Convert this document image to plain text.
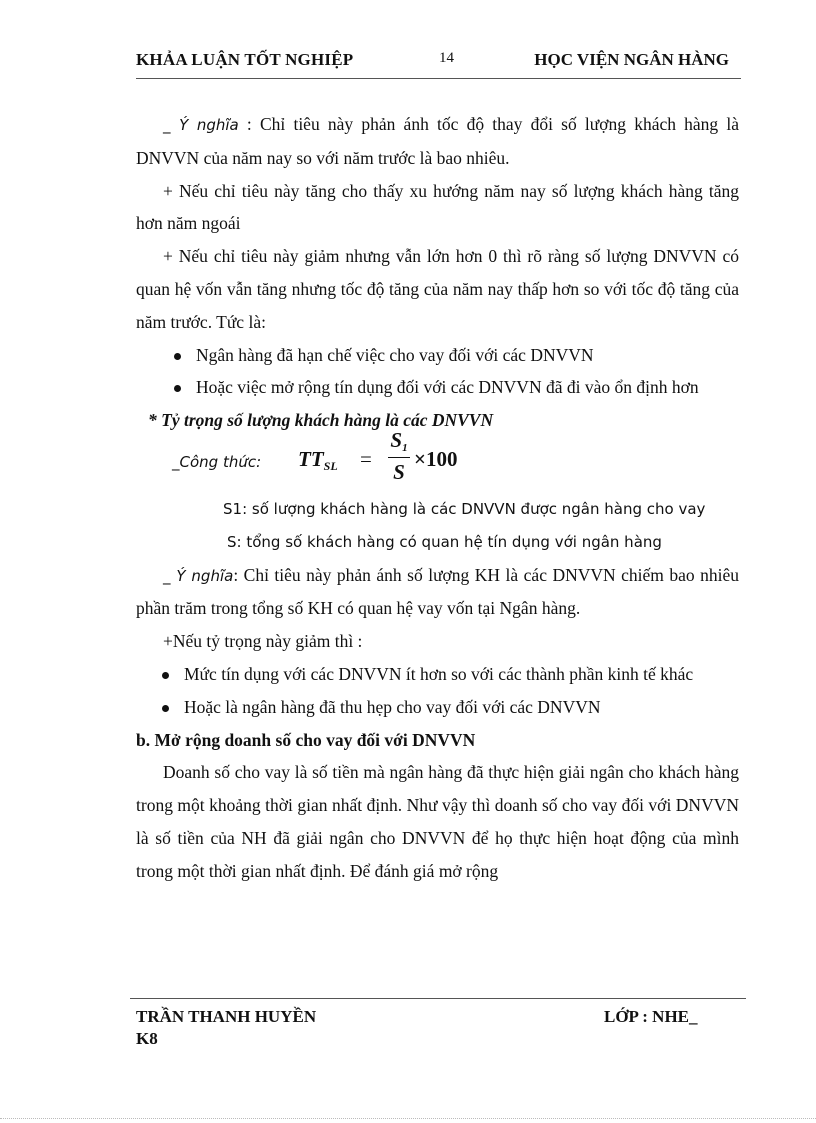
KHẢA LUẬN TỐT NGHIỆP	14	HỌC VIỆN NGÂN HÀNG

_ Ý nghĩa : Chỉ tiêu này phản ánh tốc độ thay đổi số lượng khách hàng là DNVVN của năm nay so với năm trước là bao nhiêu.

+ Nếu chỉ tiêu này tăng cho thấy xu hướng năm nay số lượng khách hàng tăng hơn năm ngoái

+ Nếu chỉ tiêu này giảm nhưng vẫn lớn hơn 0 thì rõ ràng số lượng DNVVN có quan hệ vốn vẫn tăng nhưng tốc độ tăng của năm nay thấp hơn so với tốc độ tăng của năm trước. Tức là:

Ngân hàng đã hạn chế việc cho vay đối với các DNVVN

Hoặc việc mở rộng tín dụng đối với các DNVVN đã đi vào ổn định hơn

* Tỷ trọng số lượng khách hàng là các DNVVN

_Công thức: TTSL =
S1
S
×100

S1: số lượng khách hàng là các DNVVN được ngân hàng cho vay

S: tổng số khách hàng có quan hệ tín dụng với ngân hàng

_ Ý nghĩa: Chỉ tiêu này phản ánh số lượng KH là các DNVVN chiếm bao nhiêu phần trăm trong tổng số KH có quan hệ vay vốn tại Ngân hàng.

+Nếu tỷ trọng này giảm thì :

Mức tín dụng với các DNVVN ít hơn so với các thành phần kinh tế khác

Hoặc là ngân hàng đã thu hẹp cho vay đối với các DNVVN

b. Mở rộng doanh số cho vay đối với DNVVN

Doanh số cho vay là số tiền mà ngân hàng đã thực hiện giải ngân cho khách hàng trong một khoảng thời gian nhất định. Như vậy thì doanh số cho vay đối với DNVVN là số tiền của NH đã giải ngân cho DNVVN để họ thực hiện hoạt động của mình trong một thời gian nhất định. Để đánh giá mở rộng

TRẦN THANH HUYỀN	LỚP : NHE_
K8
